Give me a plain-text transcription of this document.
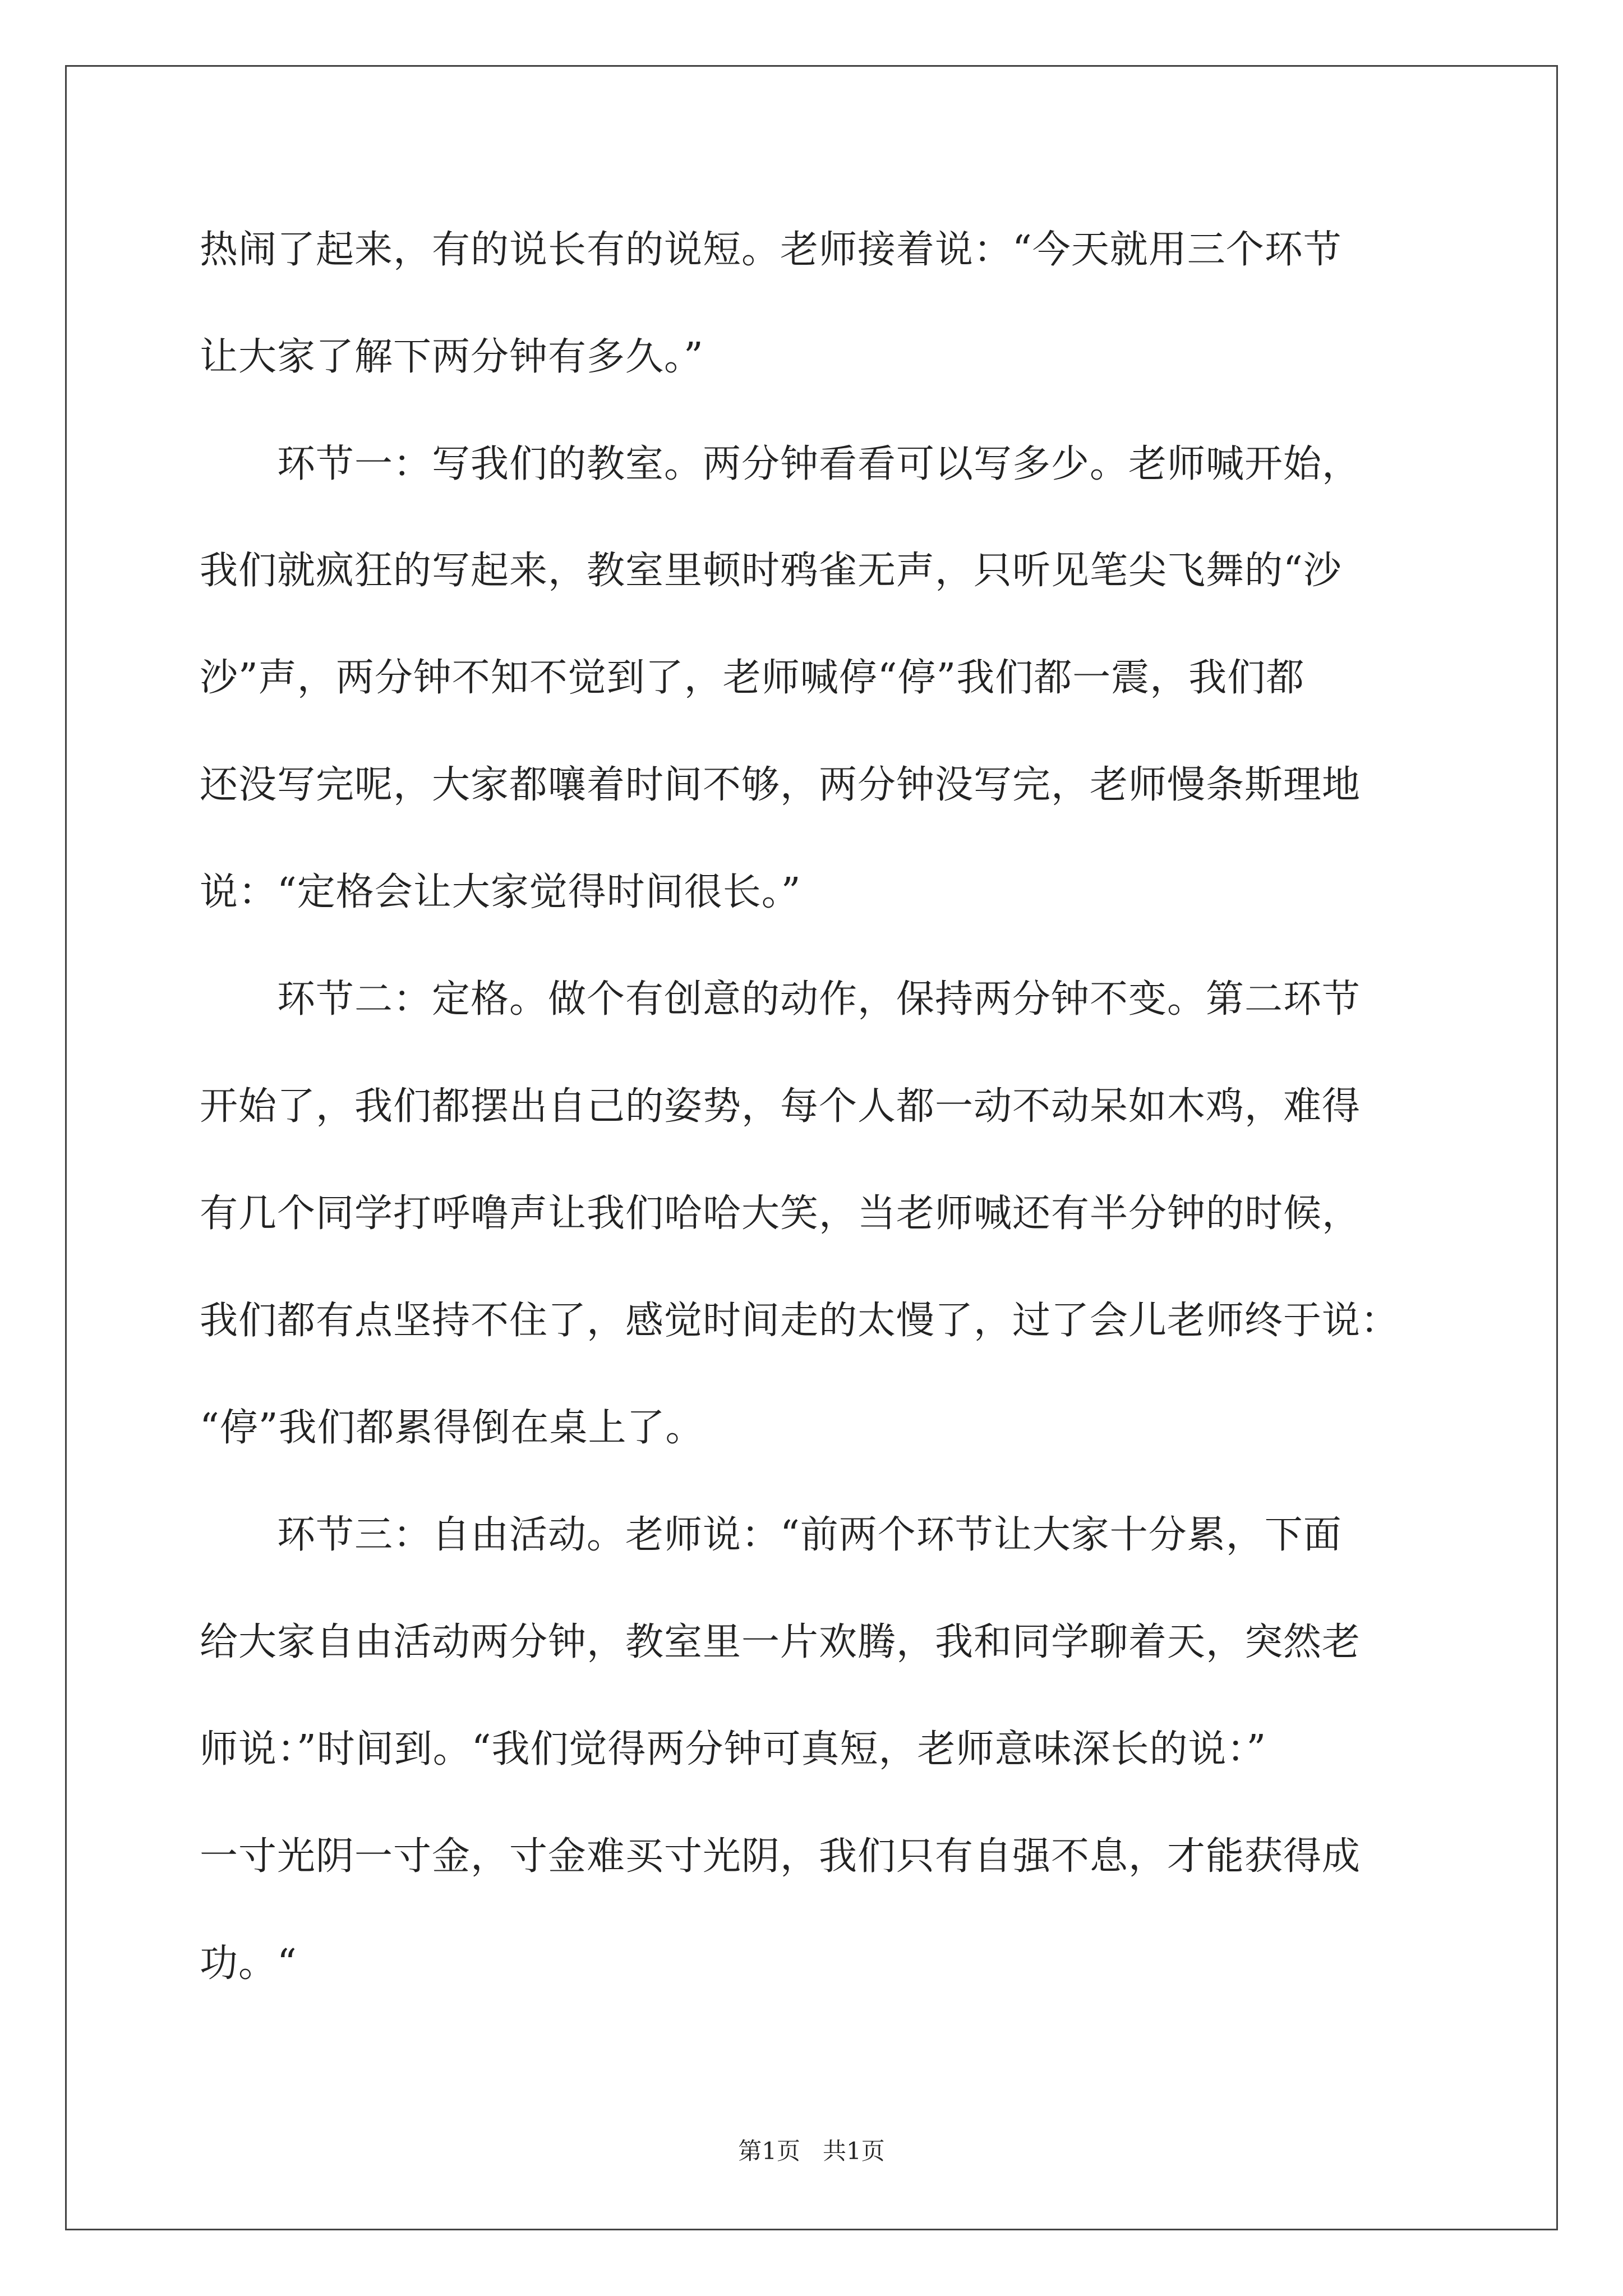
热闹了起来，有的说长有的说短。老师接着说：“今天就用三个环节
让大家了解下两分钟有多久。”
　　环节一：写我们的教室。两分钟看看可以写多少。老师喊开始，
我们就疯狂的写起来，教室里顿时鸦雀无声，只听见笔尖飞舞的“沙
沙”声，两分钟不知不觉到了，老师喊停“停”我们都一震，我们都
还没写完呢，大家都嚷着时间不够，两分钟没写完，老师慢条斯理地
说：“定格会让大家觉得时间很长。”
　　环节二：定格。做个有创意的动作，保持两分钟不变。第二环节
开始了，我们都摆出自己的姿势，每个人都一动不动呆如木鸡，难得
有几个同学打呼噜声让我们哈哈大笑，当老师喊还有半分钟的时候，
我们都有点坚持不住了，感觉时间走的太慢了，过了会儿老师终于说：
“停”我们都累得倒在桌上了。
　　环节三：自由活动。老师说：“前两个环节让大家十分累，下面
给大家自由活动两分钟，教室里一片欢腾，我和同学聊着天，突然老
师说：”时间到。“我们觉得两分钟可真短，老师意味深长的说：”
一寸光阴一寸金，寸金难买寸光阴，我们只有自强不息，才能获得成
功。“
第1页 共1页
